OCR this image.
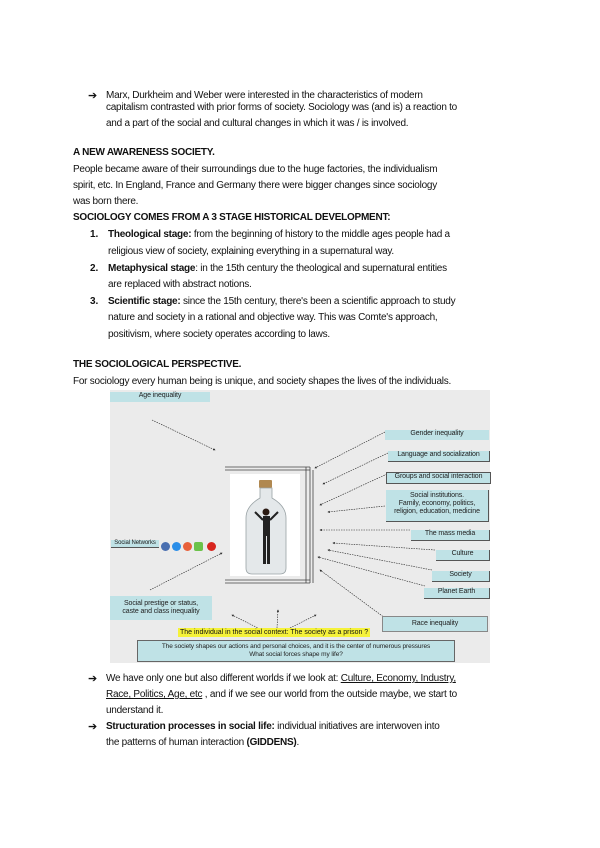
➔ Marx, Durkheim and Weber were interested in the characteristics of modern
capitalism contrasted with prior forms of society. Sociology was (and is) a reaction to
and a part of the social and cultural changes in which it was / is involved.
A NEW AWARENESS SOCIETY.
People became aware of their surroundings due to the huge factories, the individualism
spirit, etc. In England, France and Germany there were bigger changes since sociology
was born there.
SOCIOLOGY COMES FROM A 3 STAGE HISTORICAL DEVELOPMENT:
1. Theological stage: from the beginning of history to the middle ages people had a
religious view of society, explaining everything in a supernatural way.
2. Metaphysical stage: in the 15th century the theological and supernatural entities
are replaced with abstract notions.
3. Scientific stage: since the 15th century, there's been a scientific approach to study
nature and society in a rational and objective way. This was Comte's approach,
positivism, where society operates according to laws.
THE SOCIOLOGICAL PERSPECTIVE.
For sociology every human being is unique, and society shapes the lives of the individuals.
Age inequality
Gender inequality
Language and socialization
Groups and social interaction
Social institutions.
Family, economy, politics,
religion, education, medicine
The mass media
Culture
Society
Planet Earth
Race inequality
Social Networks
Social prestige or status,
caste and class inequality
The individual in the social context: The society as a prison ?
The society shapes our actions and personal choices, and it is the center of numerous pressures
What social forces shape my life?
➔ We have only one but also different worlds if we look at: Culture, Economy, Industry,
Race, Politics, Age, etc , and if we see our world from the outside maybe, we start to
understand it.
➔ Structuration processes in social life: individual initiatives are interwoven into
the patterns of human interaction (GIDDENS).
